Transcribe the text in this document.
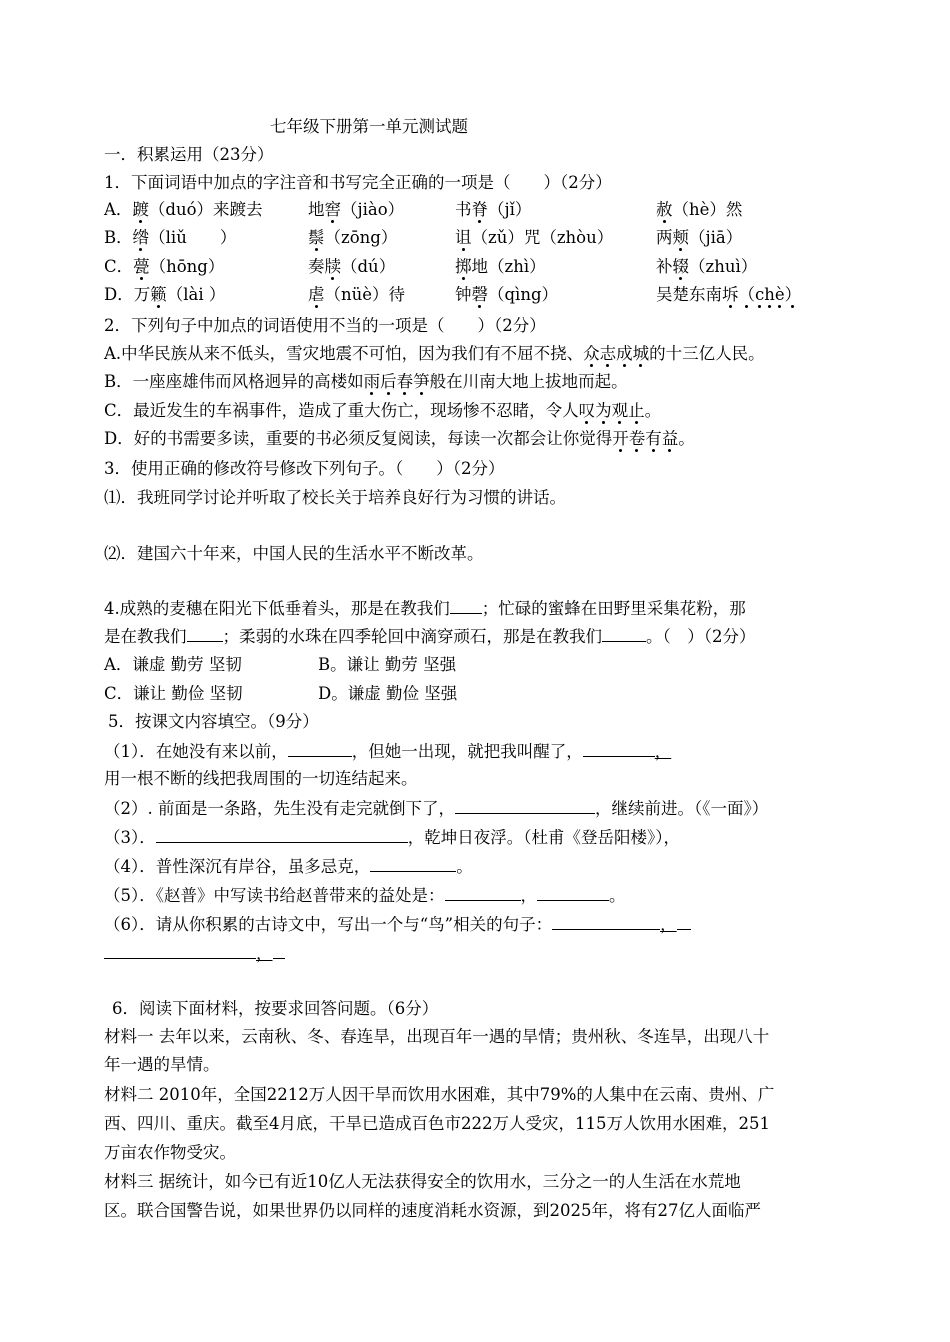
七年级下册第一单元测试题
一．积累运用（23分）
1．下面词语中加点的字注音和书写完全正确的一项是（　　）（2分）
A．踱（duó）来踱去	地窖（jiào）	书脊（jǐ）	赦（hè）然
B．绺（liǔ　　）	鬃（zōng）	诅（zǔ）咒（zhòu）	两颊（jiā）
C．甍（hōng）	奏牍（dú）	掷地（zhì）	补辍（zhuì）
D．万籁（lài ）	虐（nüè）待	钟磬（qìng）	吴楚东南坼（chè）
2．下列句子中加点的词语使用不当的一项是（　　）（2分）
A.中华民族从来不低头，雪灾地震不可怕，因为我们有不屈不挠、众志成城的十三亿人民。
B．一座座雄伟而风格迥异的高楼如雨后春笋般在川南大地上拔地而起。
C．最近发生的车祸事件，造成了重大伤亡，现场惨不忍睹，令人叹为观止。
D．好的书需要多读，重要的书必须反复阅读，每读一次都会让你觉得开卷有益。
3．使用正确的修改符号修改下列句子。（　　）（2分）
⑴．我班同学讨论并听取了校长关于培养良好行为习惯的讲话。
⑵．建国六十年来，中国人民的生活水平不断改革。
4.成熟的麦穗在阳光下低垂着头，那是在教我们 ；忙碌的蜜蜂在田野里采集花粉，那
是在教我们 ；柔弱的水珠在四季轮回中滴穿顽石，那是在教我们	。（　）（2分）
A．谦虚 勤劳 坚韧	B。谦让 勤劳 坚强
C．谦让 勤俭 坚韧	D。谦虚 勤俭 坚强
5．按课文内容填空。（9分）
（1）．在她没有来以前，	，但她一出现，就把我叫醒了，	，
用一根不断的线把我周围的一切连结起来。
（2）. 前面是一条路，先生没有走完就倒下了，	，继续前进。（《一面》）
（3）．	，乾坤日夜浮。（杜甫《登岳阳楼》），
（4）．普性深沉有岸谷，虽多忌克，	。
（5）．《赵普》中写读书给赵普带来的益处是：	，	。
（6）．请从你积累的古诗文中，写出一个与“鸟”相关的句子：	，
，
6．阅读下面材料，按要求回答问题。（6分）
材料一 去年以来，云南秋、冬、春连旱，出现百年一遇的旱情；贵州秋、冬连旱，出现八十
年一遇的旱情。
材料二 2010年，全国2212万人因干旱而饮用水困难，其中79%的人集中在云南、贵州、广
西、四川、重庆。截至4月底，干旱已造成百色市222万人受灾，115万人饮用水困难，251
万亩农作物受灾。
材料三 据统计，如今已有近10亿人无法获得安全的饮用水，三分之一的人生活在水荒地
区。联合国警告说，如果世界仍以同样的速度消耗水资源，到2025年，将有27亿人面临严
